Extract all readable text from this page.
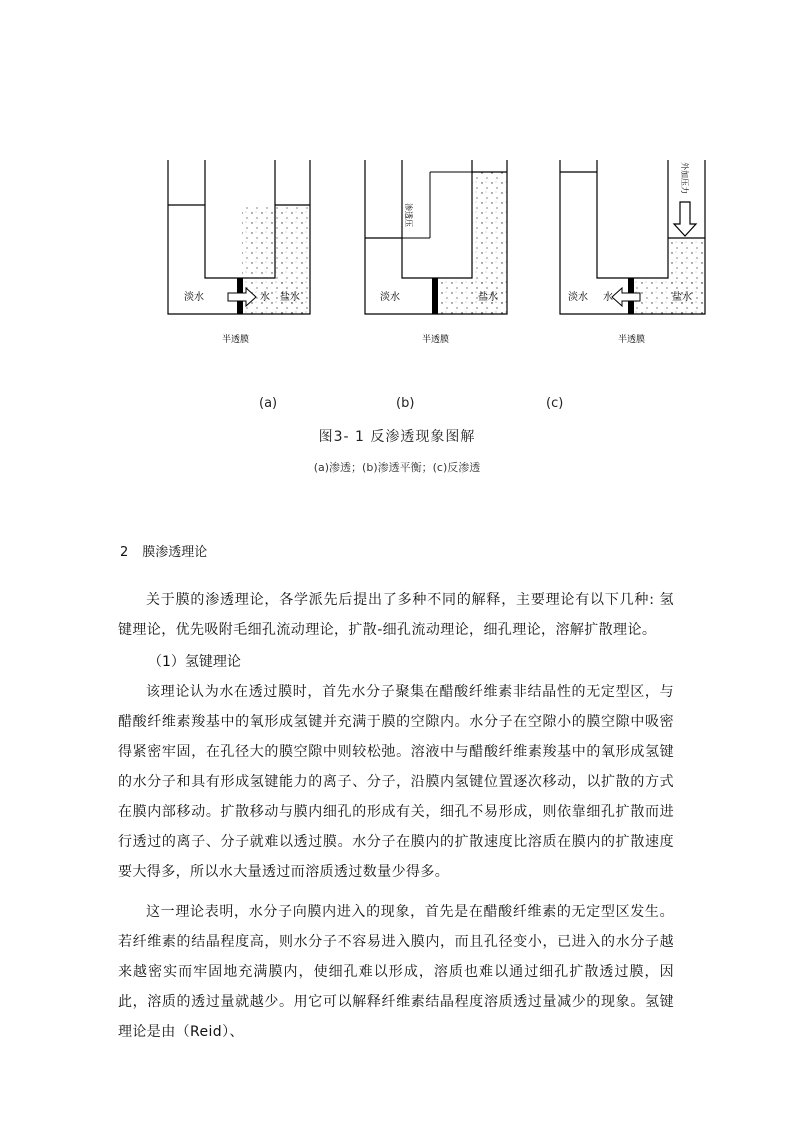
淡水	水 盐水
半透膜
渗透压
淡水	盐水
半透膜
外加压力
淡水 水	盐水
半透膜
(a)	(b)	(c)
图3- 1 反渗透现象图解
(a)渗透；(b)渗透平衡；(c)反渗透
2 膜渗透理论

关于膜的渗透理论，各学派先后提出了多种不同的解释，主要理论有以下几种: 氢键理论，优先吸附毛细孔流动理论，扩散-细孔流动理论，细孔理论，溶解扩散理论。

（1）氢键理论

该理论认为水在透过膜时，首先水分子聚集在醋酸纤维素非结晶性的无定型区，与醋酸纤维素羧基中的氧形成氢键并充满于膜的空隙内。水分子在空隙小的膜空隙中吸密得紧密牢固，在孔径大的膜空隙中则较松弛。溶液中与醋酸纤维素羧基中的氧形成氢键的水分子和具有形成氢键能力的离子、分子，沿膜内氢键位置逐次移动，以扩散的方式在膜内部移动。扩散移动与膜内细孔的形成有关，细孔不易形成，则依靠细孔扩散而进行透过的离子、分子就难以透过膜。水分子在膜内的扩散速度比溶质在膜内的扩散速度要大得多，所以水大量透过而溶质透过数量少得多。

这一理论表明，水分子向膜内进入的现象，首先是在醋酸纤维素的无定型区发生。若纤维素的结晶程度高，则水分子不容易进入膜内，而且孔径变小，已进入的水分子越来越密实而牢固地充满膜内，使细孔难以形成，溶质也难以通过细孔扩散透过膜，因此，溶质的透过量就越少。用它可以解释纤维素结晶程度溶质透过量减少的现象。氢键理论是由（Reid）、
